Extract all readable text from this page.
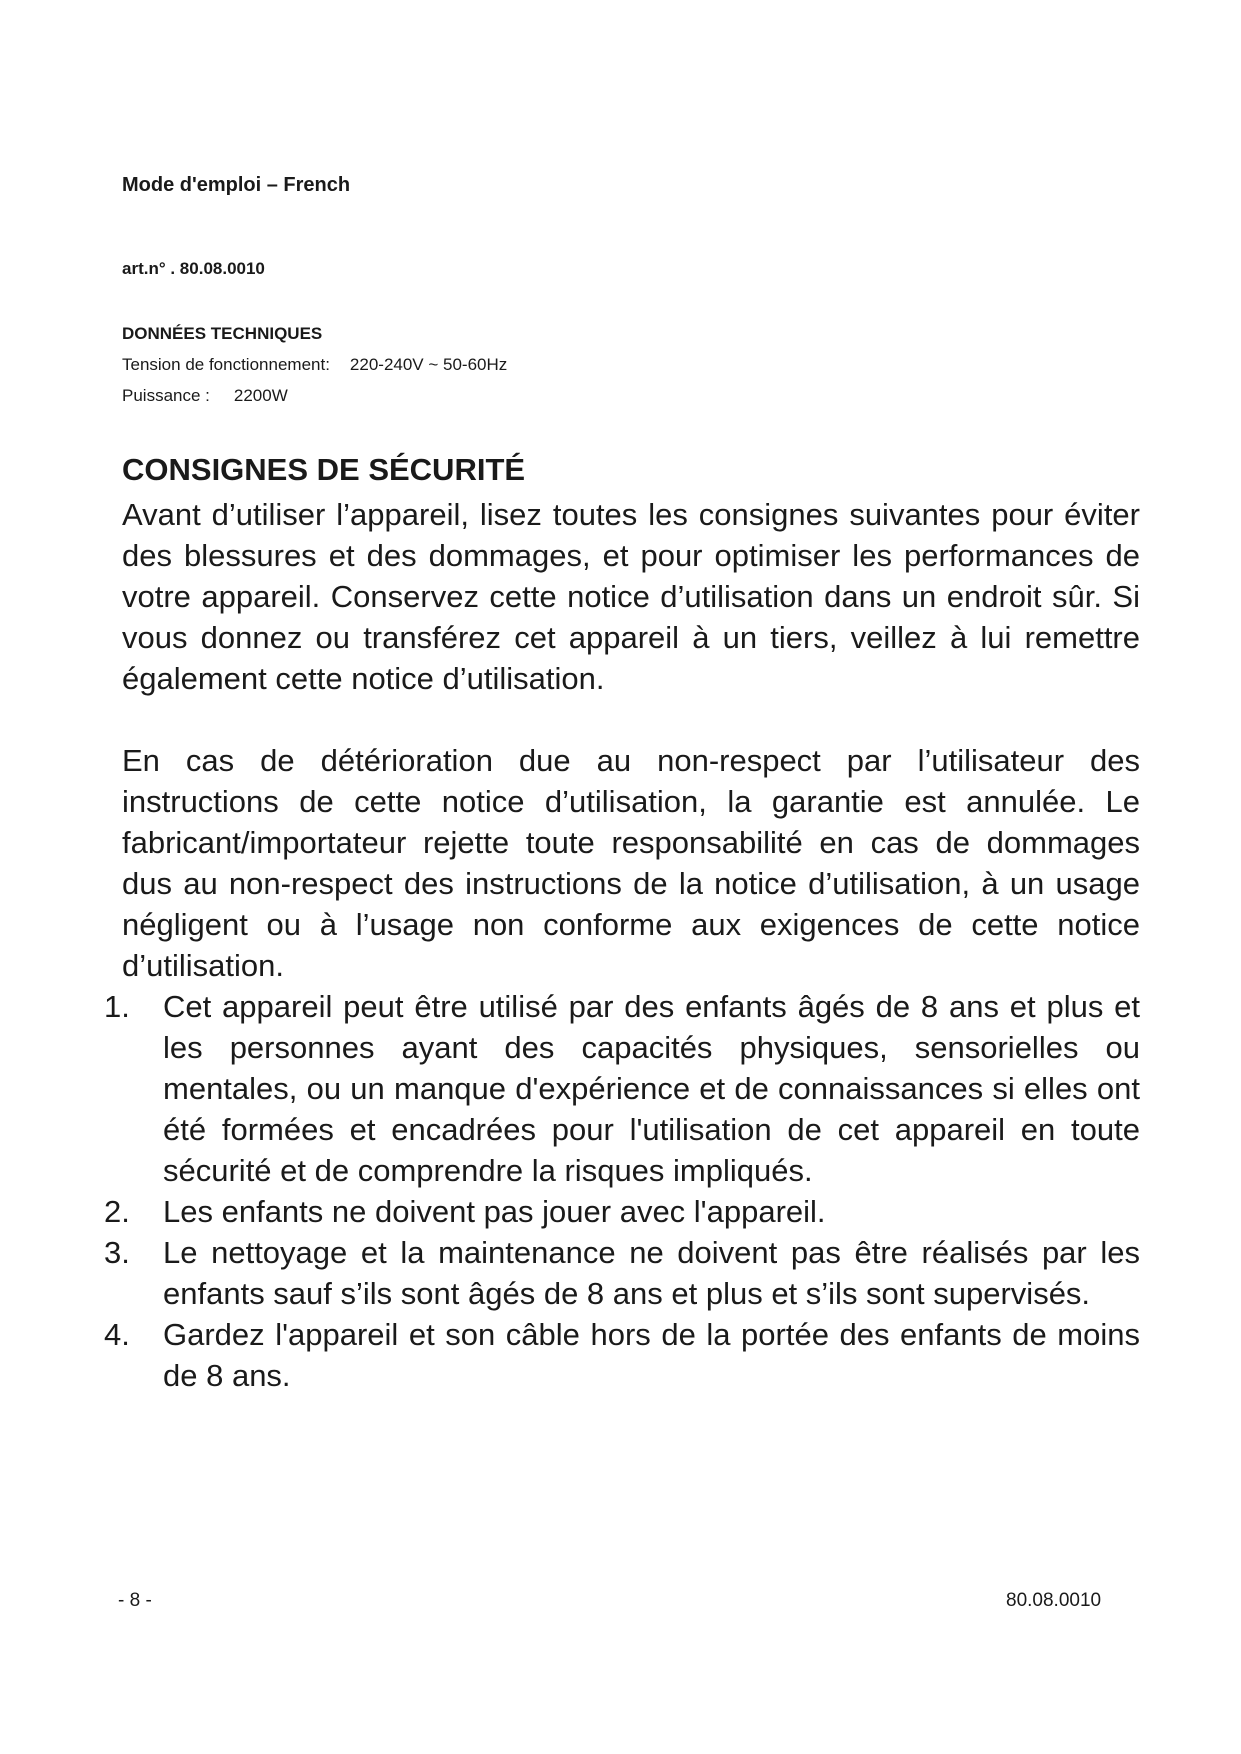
Mode d'emploi – French
art.n° . 80.08.0010
DONNÉES TECHNIQUES
Tension de fonctionnement: 220-240V ~ 50-60Hz
Puissance : 2200W
CONSIGNES DE SÉCURITÉ

Avant d’utiliser l’appareil, lisez toutes les consignes suivantes pour éviter des blessures et des dommages, et pour optimiser les performances de votre appareil. Conservez cette notice d’utilisation dans un endroit sûr. Si vous donnez ou transférez cet appareil à un tiers, veillez à lui remettre également cette notice d’utilisation.

En cas de détérioration due au non-respect par l’utilisateur des instructions de cette notice d’utilisation, la garantie est annulée. Le fabricant/importateur rejette toute responsabilité en cas de dommages dus au non-respect des instructions de la notice d’utilisation, à un usage négligent ou à l’usage non conforme aux exigences de cette notice d’utilisation.

1. Cet appareil peut être utilisé par des enfants âgés de 8 ans et plus et les personnes ayant des capacités physiques, sensorielles ou mentales, ou un manque d'expérience et de connaissances si elles ont été formées et encadrées pour l'utilisation de cet appareil en toute sécurité et de comprendre la risques impliqués.
2. Les enfants ne doivent pas jouer avec l'appareil.
3. Le nettoyage et la maintenance ne doivent pas être réalisés par les enfants sauf s’ils sont âgés de 8 ans et plus et s’ils sont supervisés.
4. Gardez l'appareil et son câble hors de la portée des enfants de moins de 8 ans.
- 8 -	80.08.0010
